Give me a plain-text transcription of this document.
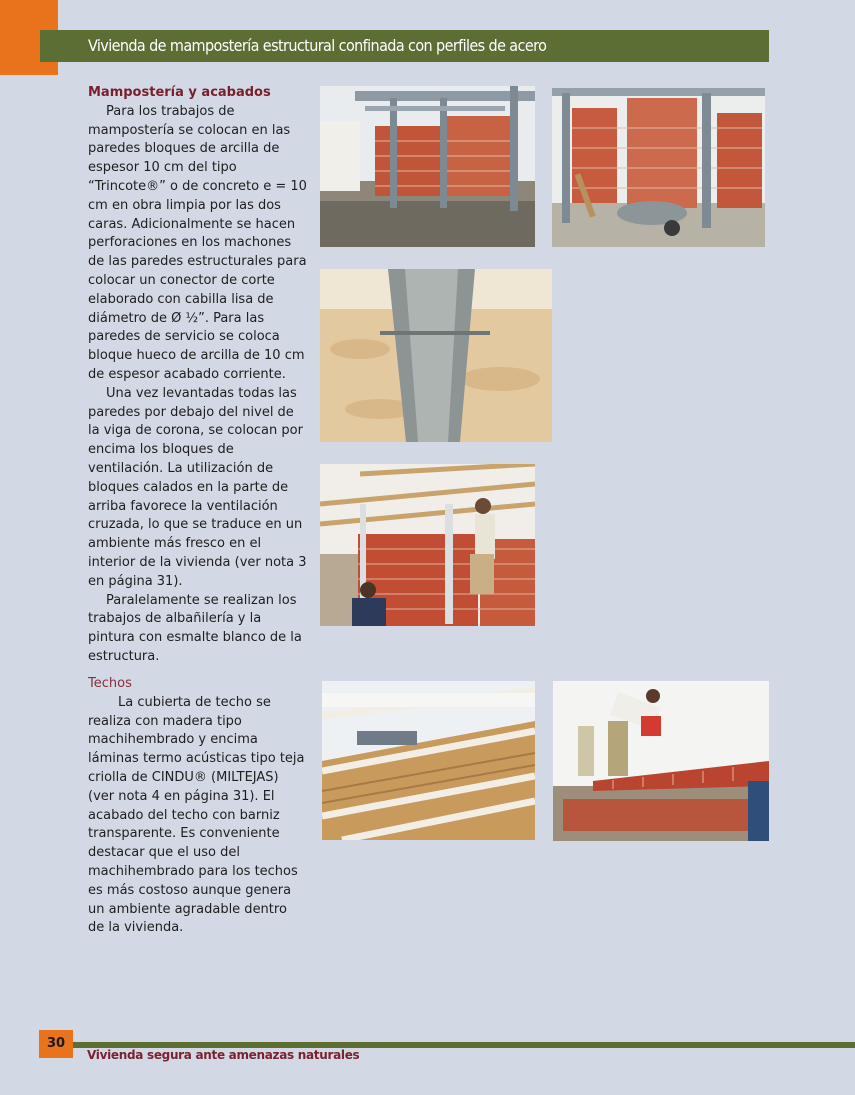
Vivienda de mampostería estructural confinada con perfiles de acero

Mampostería y acabados

Para los trabajos de mampostería se colocan en las paredes bloques de arcilla de espesor 10 cm del tipo “Trincote®” o de concreto e = 10 cm en obra limpia por las dos caras. Adicionalmente se hacen perforaciones en los machones de las paredes estructurales para colocar un conector de corte elaborado con cabilla lisa de diámetro de Ø ½”. Para las paredes de servicio se coloca bloque hueco de arcilla de 10 cm de espesor acabado corriente.

Una vez levantadas todas las paredes por debajo del nivel de la viga de corona, se colocan por encima los bloques de ventilación. La utilización de bloques calados en la parte de arriba favorece la ventilación cruzada, lo que se traduce en un ambiente más fresco en el interior de la vivienda (ver nota 3 en página 31).

Paralelamente se realizan los trabajos de albañilería y la pintura con esmalte blanco de la estructura.

Techos

La cubierta de techo se realiza con madera tipo machihembrado y encima láminas termo acústicas tipo teja criolla de CINDU® (MILTEJAS) (ver nota 4 en página 31). El acabado del techo con barniz transparente. Es conveniente destacar que el uso del machihembrado para los techos es más costoso aunque genera un ambiente agradable dentro de la vivienda.

30
Vivienda segura ante amenazas naturales
